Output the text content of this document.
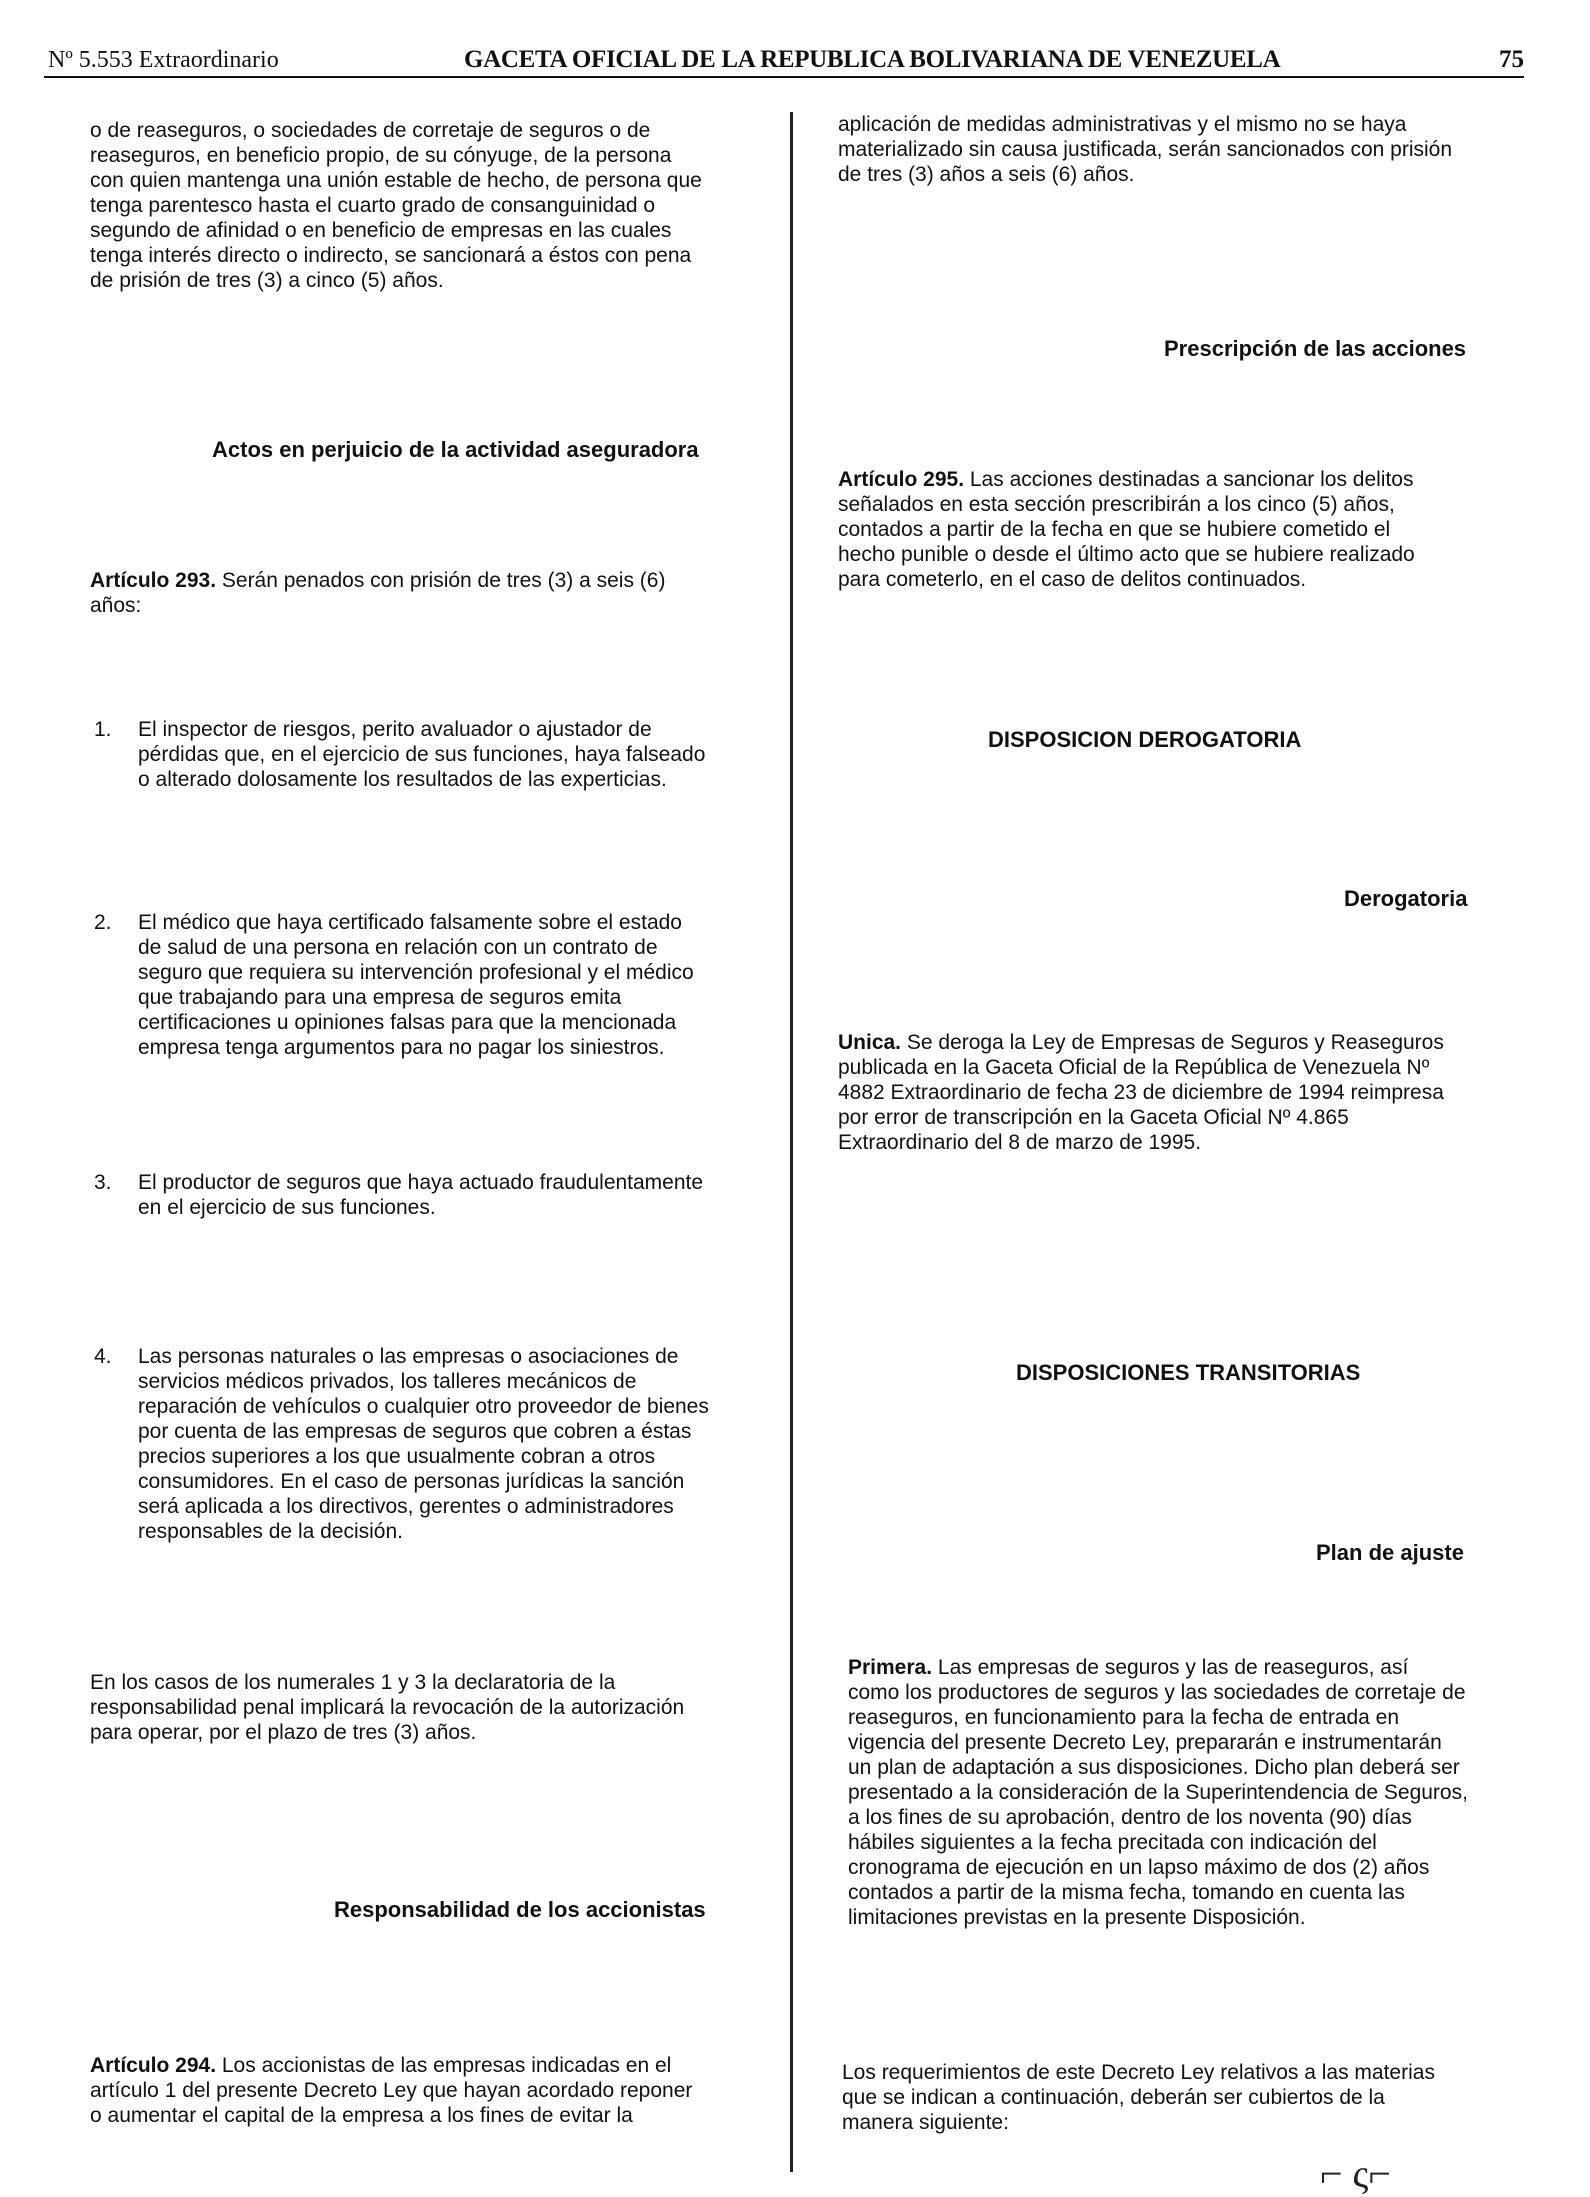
Nº 5.553 Extraordinario	GACETA OFICIAL DE LA REPUBLICA BOLIVARIANA DE VENEZUELA	75
o de reaseguros, o sociedades de corretaje de seguros o de
reaseguros, en beneficio propio, de su cónyuge, de la persona
con quien mantenga una unión estable de hecho, de persona que
tenga parentesco hasta el cuarto grado de consanguinidad o
segundo de afinidad o en beneficio de empresas en las cuales
tenga interés directo o indirecto, se sancionará a éstos con pena
de prisión de tres (3) a cinco (5) años.
Actos en perjuicio de la actividad aseguradora
Artículo 293. Serán penados con prisión de tres (3) a seis (6)
años:
1. El inspector de riesgos, perito avaluador o ajustador de
pérdidas que, en el ejercicio de sus funciones, haya falseado
o alterado dolosamente los resultados de las experticias.
2. El médico que haya certificado falsamente sobre el estado
de salud de una persona en relación con un contrato de
seguro que requiera su intervención profesional y el médico
que trabajando para una empresa de seguros emita
certificaciones u opiniones falsas para que la mencionada
empresa tenga argumentos para no pagar los siniestros.
3. El productor de seguros que haya actuado fraudulentamente
en el ejercicio de sus funciones.
4. Las personas naturales o las empresas o asociaciones de
servicios médicos privados, los talleres mecánicos de
reparación de vehículos o cualquier otro proveedor de bienes
por cuenta de las empresas de seguros que cobren a éstas
precios superiores a los que usualmente cobran a otros
consumidores. En el caso de personas jurídicas la sanción
será aplicada a los directivos, gerentes o administradores
responsables de la decisión.
En los casos de los numerales 1 y 3 la declaratoria de la
responsabilidad penal implicará la revocación de la autorización
para operar, por el plazo de tres (3) años.
Responsabilidad de los accionistas
Artículo 294. Los accionistas de las empresas indicadas en el
artículo 1 del presente Decreto Ley que hayan acordado reponer
o aumentar el capital de la empresa a los fines de evitar la
aplicación de medidas administrativas y el mismo no se haya
materializado sin causa justificada, serán sancionados con prisión
de tres (3) años a seis (6) años.
Prescripción de las acciones
Artículo 295. Las acciones destinadas a sancionar los delitos
señalados en esta sección prescribirán a los cinco (5) años,
contados a partir de la fecha en que se hubiere cometido el
hecho punible o desde el último acto que se hubiere realizado
para cometerlo, en el caso de delitos continuados.
DISPOSICION DEROGATORIA
Derogatoria
Unica. Se deroga la Ley de Empresas de Seguros y Reaseguros
publicada en la Gaceta Oficial de la República de Venezuela Nº
4882 Extraordinario de fecha 23 de diciembre de 1994 reimpresa
por error de transcripción en la Gaceta Oficial Nº 4.865
Extraordinario del 8 de marzo de 1995.
DISPOSICIONES TRANSITORIAS
Plan de ajuste
Primera. Las empresas de seguros y las de reaseguros, así
como los productores de seguros y las sociedades de corretaje de
reaseguros, en funcionamiento para la fecha de entrada en
vigencia del presente Decreto Ley, prepararán e instrumentarán
un plan de adaptación a sus disposiciones. Dicho plan deberá ser
presentado a la consideración de la Superintendencia de Seguros,
a los fines de su aprobación, dentro de los noventa (90) días
hábiles siguientes a la fecha precitada con indicación del
cronograma de ejecución en un lapso máximo de dos (2) años
contados a partir de la misma fecha, tomando en cuenta las
limitaciones previstas en la presente Disposición.
Los requerimientos de este Decreto Ley relativos a las materias
que se indican a continuación, deberán ser cubiertos de la
manera siguiente:
⌐ ς⌐
